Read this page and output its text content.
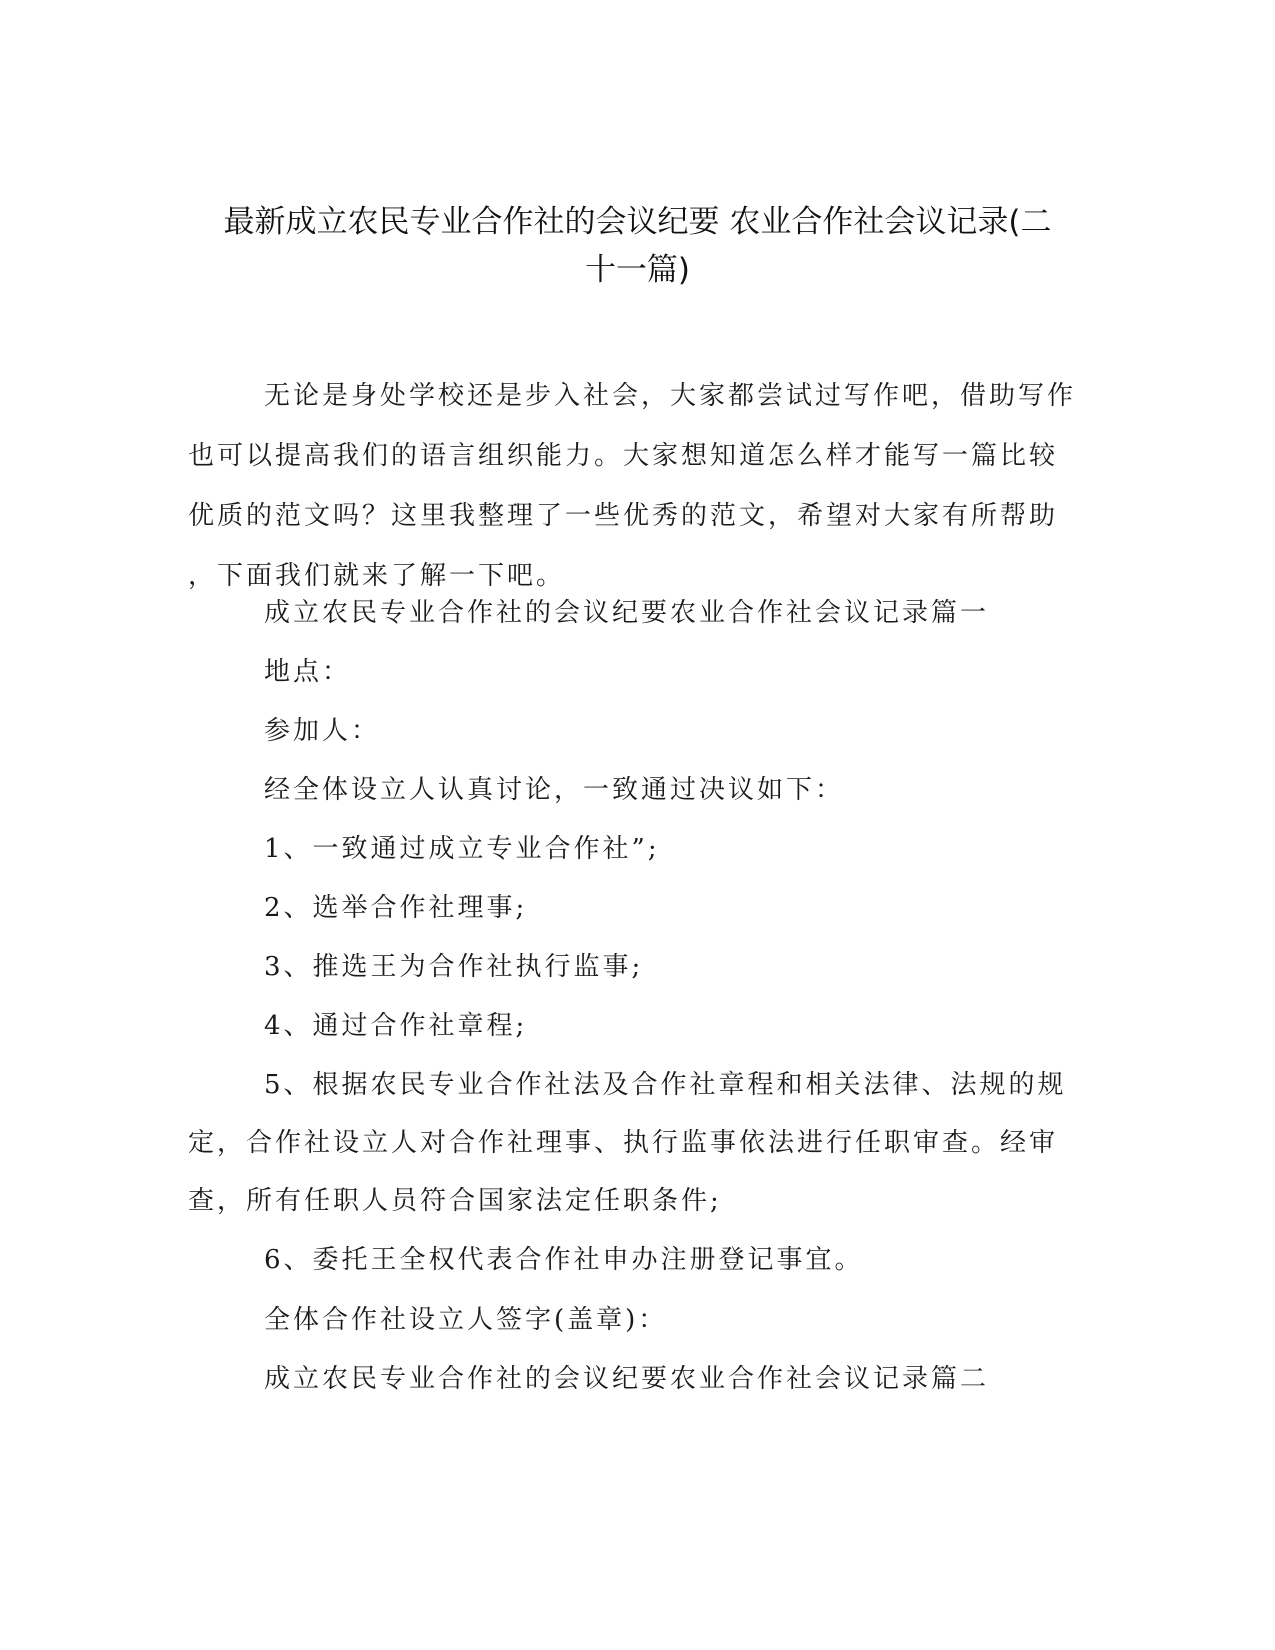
最新成立农民专业合作社的会议纪要 农业合作社会议记录(二
十一篇)
无论是身处学校还是步入社会，大家都尝试过写作吧，借助写作
也可以提高我们的语言组织能力。大家想知道怎么样才能写一篇比较
优质的范文吗？这里我整理了一些优秀的范文，希望对大家有所帮助
，下面我们就来了解一下吧。

成立农民专业合作社的会议纪要农业合作社会议记录篇一

地点：

参加人：

经全体设立人认真讨论，一致通过决议如下：

1、一致通过成立专业合作社”;

2、选举合作社理事;

3、推选王为合作社执行监事;

4、通过合作社章程;

5、根据农民专业合作社法及合作社章程和相关法律、法规的规

定，合作社设立人对合作社理事、执行监事依法进行任职审查。经审

查，所有任职人员符合国家法定任职条件;

6、委托王全权代表合作社申办注册登记事宜。

全体合作社设立人签字(盖章)：

成立农民专业合作社的会议纪要农业合作社会议记录篇二
